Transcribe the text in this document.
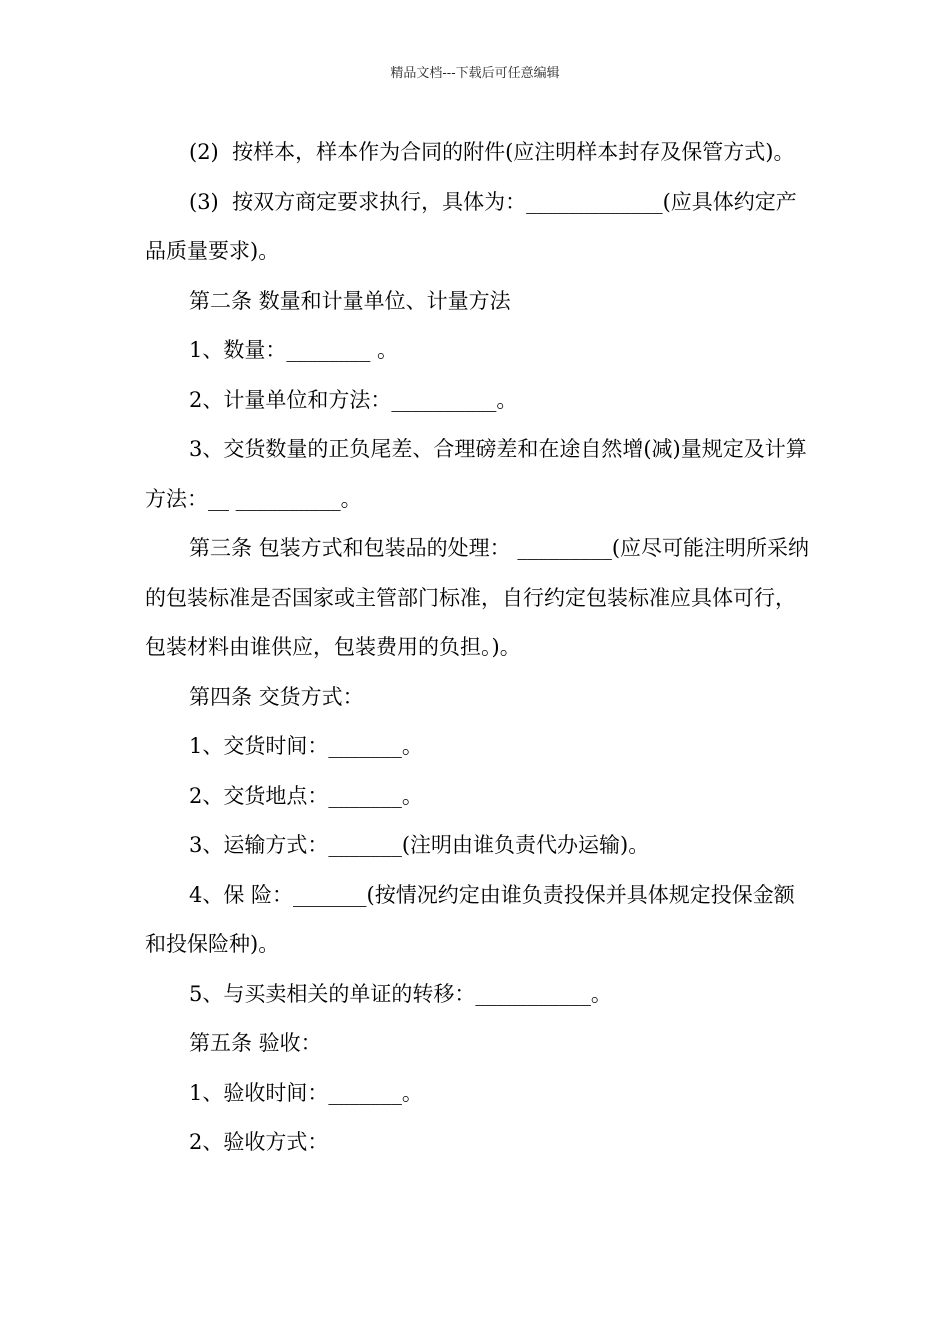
精品文档---下载后可任意编辑

(2)  按样本，样本作为合同的附件(应注明样本封存及保管方式)。

(3)  按双方商定要求执行，具体为：_____________(应具体约定产品质量要求)。

第二条 数量和计量单位、计量方法

1、数量：________ 。

2、计量单位和方法：__________。

3、交货数量的正负尾差、合理磅差和在途自然增(减)量规定及计算方法：__ __________。

第三条 包装方式和包装品的处理： _________(应尽可能注明所采纳的包装标准是否国家或主管部门标准，自行约定包装标准应具体可行，包装材料由谁供应，包装费用的负担。)。

第四条 交货方式：

1、交货时间：_______。

2、交货地点：_______。

3、运输方式：_______(注明由谁负责代办运输)。

4、保 险：_______(按情况约定由谁负责投保并具体规定投保金额和投保险种)。

5、与买卖相关的单证的转移：___________。

第五条 验收：

1、验收时间：_______。

2、验收方式：
